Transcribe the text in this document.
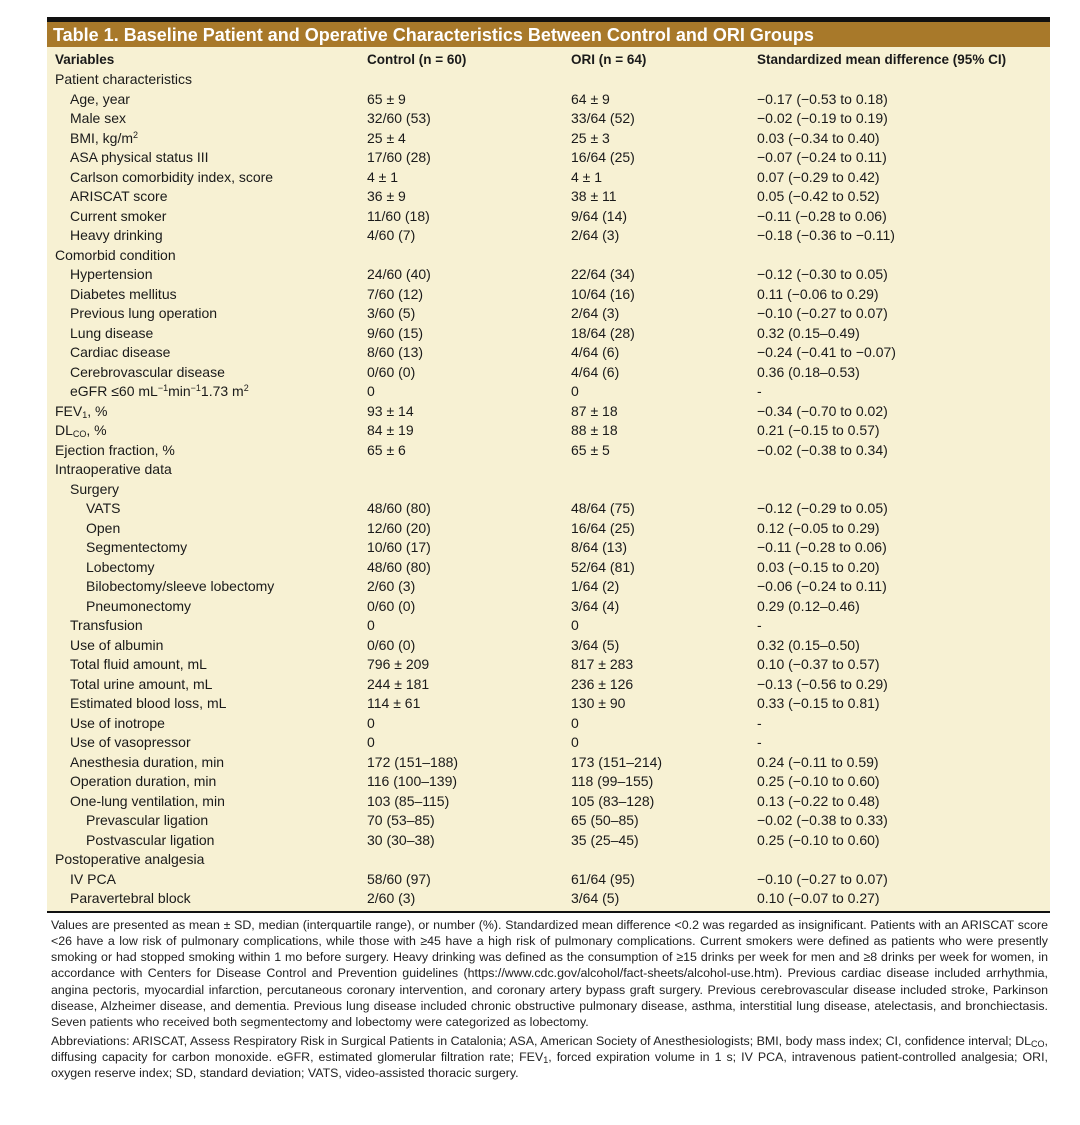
Table 1. Baseline Patient and Operative Characteristics Between Control and ORI Groups
Variables	Control (n = 60)	ORI (n = 64)	Standardized mean difference (95% CI)
Patient characteristics
Age, year	65 ± 9	64 ± 9	−0.17 (−0.53 to 0.18)
Male sex	32/60 (53)	33/64 (52)	−0.02 (−0.19 to 0.19)
BMI, $kg/m^2$	25 ± 4	25 ± 3	0.03 (−0.34 to 0.40)
ASA physical status III	17/60 (28)	16/64 (25)	−0.07 (−0.24 to 0.11)
Carlson comorbidity index, score	4 ± 1	4 ± 1	0.07 (−0.29 to 0.42)
ARISCAT score	36 ± 9	38 ± 11	0.05 (−0.42 to 0.52)
Current smoker	11/60 (18)	9/64 (14)	−0.11 (−0.28 to 0.06)
Heavy drinking	4/60 (7)	2/64 (3)	−0.18 (−0.36 to −0.11)
Comorbid condition
Hypertension	24/60 (40)	22/64 (34)	−0.12 (−0.30 to 0.05)
Diabetes mellitus	7/60 (12)	10/64 (16)	0.11 (−0.06 to 0.29)
Previous lung operation	3/60 (5)	2/64 (3)	−0.10 (−0.27 to 0.07)
Lung disease	9/60 (15)	18/64 (28)	0.32 (0.15–0.49)
Cardiac disease	8/60 (13)	4/64 (6)	−0.24 (−0.41 to −0.07)
Cerebrovascular disease	0/60 (0)	4/64 (6)	0.36 (0.18–0.53)
eGFR ≤60 $mL^{-1}\min^{-1}1.73$ $m^2$	0	0	-
$FEV_1$, %	93 ± 14	87 ± 18	−0.34 (−0.70 to 0.02)
$DL_{CO}$, %	84 ± 19	88 ± 18	0.21 (−0.15 to 0.57)
Ejection fraction, %	65 ± 6	65 ± 5	−0.02 (−0.38 to 0.34)
Intraoperative data
Surgery
VATS	48/60 (80)	48/64 (75)	−0.12 (−0.29 to 0.05)
Open	12/60 (20)	16/64 (25)	0.12 (−0.05 to 0.29)
Segmentectomy	10/60 (17)	8/64 (13)	−0.11 (−0.28 to 0.06)
Lobectomy	48/60 (80)	52/64 (81)	0.03 (−0.15 to 0.20)
Bilobectomy/sleeve lobectomy	2/60 (3)	1/64 (2)	−0.06 (−0.24 to 0.11)
Pneumonectomy	0/60 (0)	3/64 (4)	0.29 (0.12–0.46)
Transfusion	0	0	-
Use of albumin	0/60 (0)	3/64 (5)	0.32 (0.15–0.50)
Total fluid amount, mL	796 ± 209	817 ± 283	0.10 (−0.37 to 0.57)
Total urine amount, mL	244 ± 181	236 ± 126	−0.13 (−0.56 to 0.29)
Estimated blood loss, mL	114 ± 61	130 ± 90	0.33 (−0.15 to 0.81)
Use of inotrope	0	0	-
Use of vasopressor	0	0	-
Anesthesia duration, min	172 (151–188)	173 (151–214)	0.24 (−0.11 to 0.59)
Operation duration, min	116 (100–139)	118 (99–155)	0.25 (−0.10 to 0.60)
One-lung ventilation, min	103 (85–115)	105 (83–128)	0.13 (−0.22 to 0.48)
Prevascular ligation	70 (53–85)	65 (50–85)	−0.02 (−0.38 to 0.33)
Postvascular ligation	30 (30–38)	35 (25–45)	0.25 (−0.10 to 0.60)
Postoperative analgesia
IV PCA	58/60 (97)	61/64 (95)	−0.10 (−0.27 to 0.07)
Paravertebral block	2/60 (3)	3/64 (5)	0.10 (−0.07 to 0.27)

Values are presented as mean ± SD, median (interquartile range), or number (%). Standardized mean difference <0.2 was regarded as insignificant. Patients with an ARISCAT score <26 have a low risk of pulmonary complications, while those with ≥45 have a high risk of pulmonary complications. Current smokers were defined as patients who were presently smoking or had stopped smoking within 1 mo before surgery. Heavy drinking was defined as the consumption of ≥15 drinks per week for men and ≥8 drinks per week for women, in accordance with Centers for Disease Control and Prevention guidelines (https://www.cdc.gov/alcohol/fact-sheets/alcohol-use.htm). Previous cardiac disease included arrhythmia, angina pectoris, myocardial infarction, percutaneous coronary intervention, and coronary artery bypass graft surgery. Previous cerebrovascular disease included stroke, Parkinson disease, Alzheimer disease, and dementia. Previous lung disease included chronic obstructive pulmonary disease, asthma, interstitial lung disease, atelectasis, and bronchiectasis. Seven patients who received both segmentectomy and lobectomy were categorized as lobectomy.

Abbreviations: ARISCAT, Assess Respiratory Risk in Surgical Patients in Catalonia; ASA, American Society of Anesthesiologists; BMI, body mass index; CI, confidence interval; $DL_{CO}$, diffusing capacity for carbon monoxide. eGFR, estimated glomerular filtration rate; $FEV_1$, forced expiration volume in 1 s; IV PCA, intravenous patient-controlled analgesia; ORI, oxygen reserve index; SD, standard deviation; VATS, video-assisted thoracic surgery.
